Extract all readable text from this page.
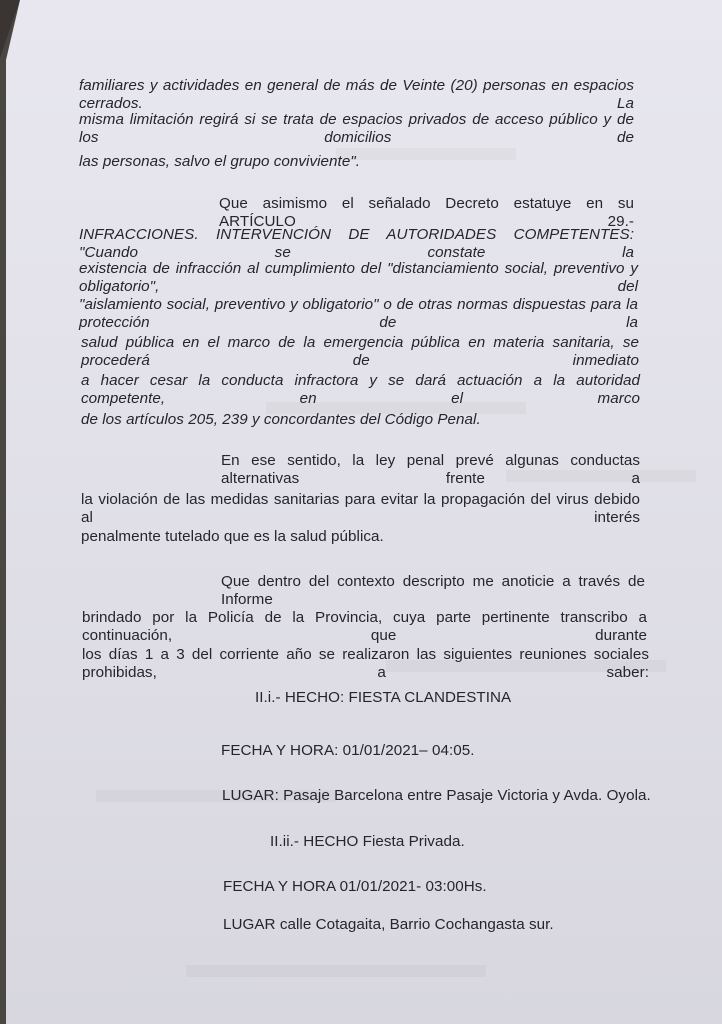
familiares y actividades en general de más de Veinte (20) personas en espacios cerrados. La
misma limitación regirá si se trata de espacios privados de acceso público y de los domicilios de
las personas, salvo el grupo conviviente".
Que asimismo el señalado Decreto estatuye en su ARTÍCULO 29.-
INFRACCIONES. INTERVENCIÓN DE AUTORIDADES COMPETENTES: "Cuando se constate la
existencia de infracción al cumplimiento del "distanciamiento social, preventivo y obligatorio", del
"aislamiento social, preventivo y obligatorio" o de otras normas dispuestas para la protección de la
salud pública en el marco de la emergencia pública en materia sanitaria, se procederá de inmediato
a hacer cesar la conducta infractora y se dará actuación a la autoridad competente, en el marco
de los artículos 205, 239 y concordantes del Código Penal.
En ese sentido, la ley penal prevé algunas conductas alternativas frente a
la violación de las medidas sanitarias para evitar la propagación del virus debido al interés
penalmente tutelado que es la salud pública.
Que dentro del contexto descripto me anoticie a través de Informe
brindado por la Policía de la Provincia, cuya parte pertinente transcribo a continuación, que durante
los días 1 a 3 del corriente año se realizaron las siguientes reuniones sociales prohibidas, a saber:
II.i.- HECHO: FIESTA CLANDESTINA
FECHA Y HORA: 01/01/2021– 04:05.
LUGAR: Pasaje Barcelona entre Pasaje Victoria y Avda. Oyola.
II.ii.- HECHO Fiesta Privada.
FECHA Y HORA 01/01/2021- 03:00Hs.
LUGAR calle Cotagaita, Barrio Cochangasta sur.
